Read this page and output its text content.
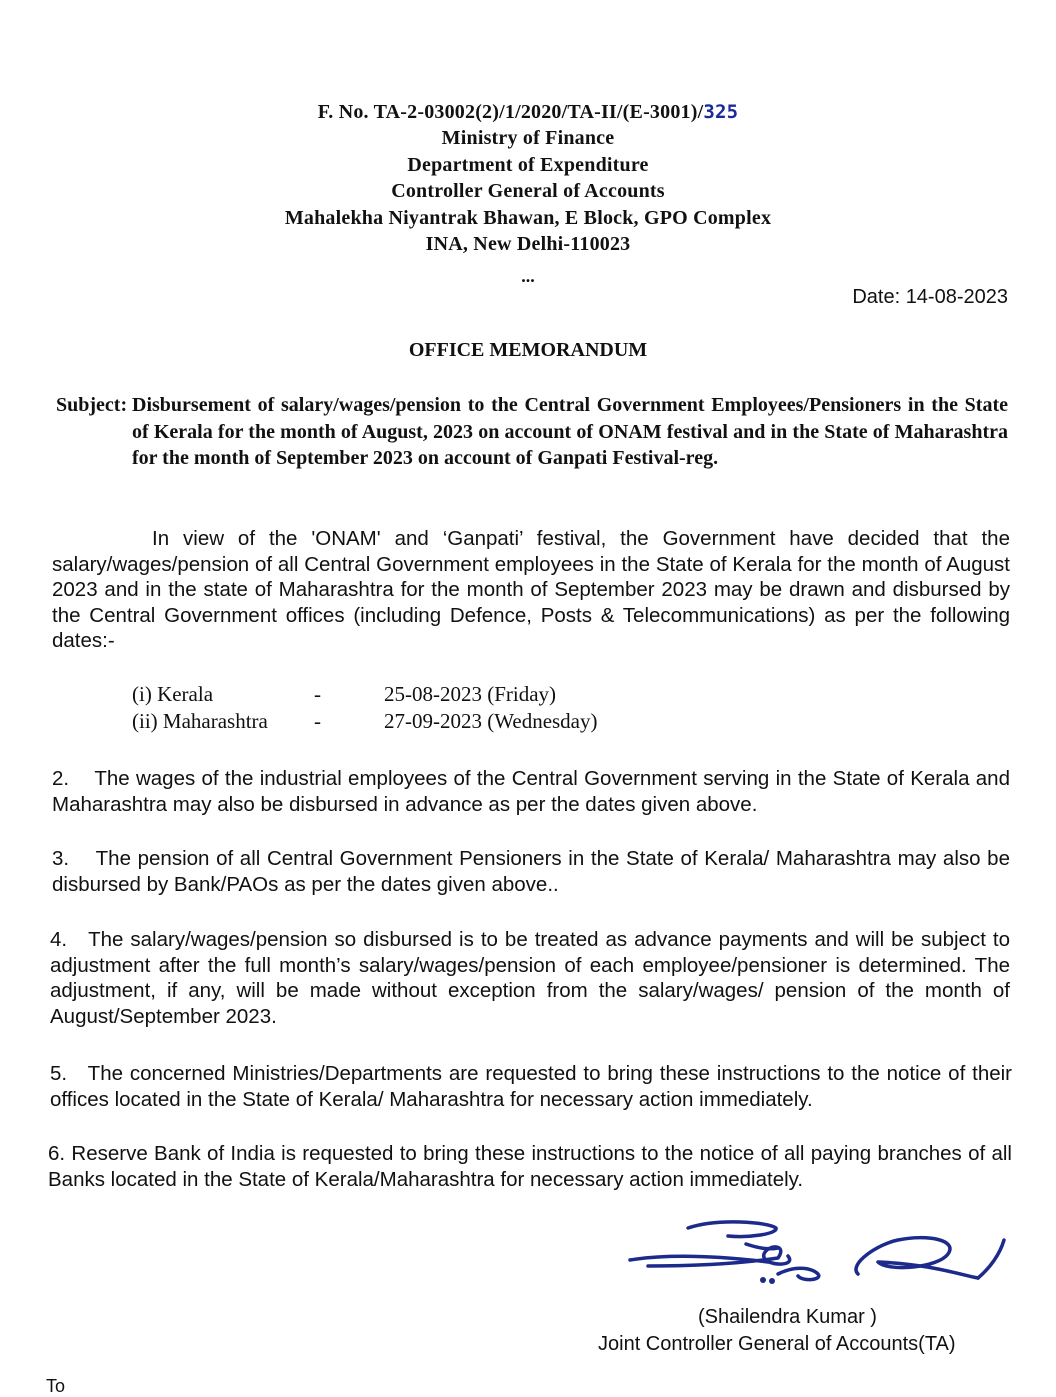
F. No. TA-2-03002(2)/1/2020/TA-II/(E-3001)/325
Ministry of Finance
Department of Expenditure
Controller General of Accounts
Mahalekha Niyantrak Bhawan, E Block, GPO Complex
INA, New Delhi-110023
...
Date: 14-08-2023
OFFICE MEMORANDUM
Subject: Disbursement of salary/wages/pension to the Central Government Employees/Pensioners in the State of Kerala for the month of August, 2023 on account of ONAM festival and in the State of Maharashtra for the month of September 2023 on account of Ganpati Festival-reg.
In view of the 'ONAM' and ‘Ganpati’ festival, the Government have decided that the salary/wages/pension of all Central Government employees in the State of Kerala for the month of August 2023 and in the state of Maharashtra for the month of September 2023 may be drawn and disbursed by the Central Government offices (including Defence, Posts & Telecommunications) as per the following dates:-
(i) Kerala	-	25-08-2023 (Friday)
(ii) Maharashtra -	27-09-2023 (Wednesday)
2. The wages of the industrial employees of the Central Government serving in the State of Kerala and Maharashtra may also be disbursed in advance as per the dates given above.
3. The pension of all Central Government Pensioners in the State of Kerala/ Maharashtra may also be disbursed by Bank/PAOs as per the dates given above..
4. The salary/wages/pension so disbursed is to be treated as advance payments and will be subject to adjustment after the full month’s salary/wages/pension of each employee/pensioner is determined. The adjustment, if any, will be made without exception from the salary/wages/ pension of the month of August/September 2023.
5. The concerned Ministries/Departments are requested to bring these instructions to the notice of their offices located in the State of Kerala/ Maharashtra for necessary action immediately.
6. Reserve Bank of India is requested to bring these instructions to the notice of all paying branches of all Banks located in the State of Kerala/Maharashtra for necessary action immediately.
(Shailendra Kumar )
Joint Controller General of Accounts(TA)
To
